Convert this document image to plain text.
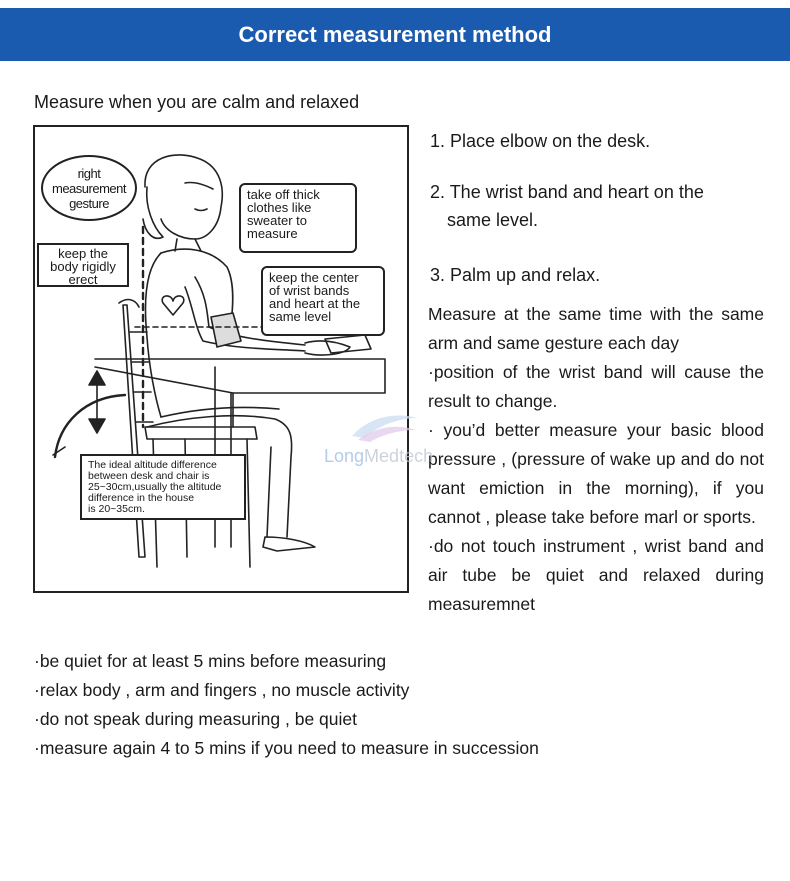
Correct measurement method
Measure when you are calm and relaxed
right
measurement
gesture
take off thick
clothes like
sweater to
measure
keep the
body rigidly
erect	keep the center
of wrist bands
and heart at the
same level
The ideal altitude difference
between desk and chair is
25~30cm,usually the altitude
difference in the house
is 20~35cm.
1. Place elbow on the desk.
2. The wrist band and heart on the
same level.
3. Palm up and relax.

Measure at the same time with the same arm and same gesture each day

·position of the wrist band will cause the result to change.

· you’d better measure your basic blood pressure , (pressure of wake up and do not want emiction in the morning), if you cannot , please take before marl or sports.

·do not touch instrument , wrist band and air tube be quiet and relaxed during measuremnet

·be quiet for at least 5 mins before measuring
·relax body , arm and fingers , no muscle activity
·do not speak during measuring , be quiet
·measure again 4 to 5 mins if you need to measure in succession
LongMedtech
